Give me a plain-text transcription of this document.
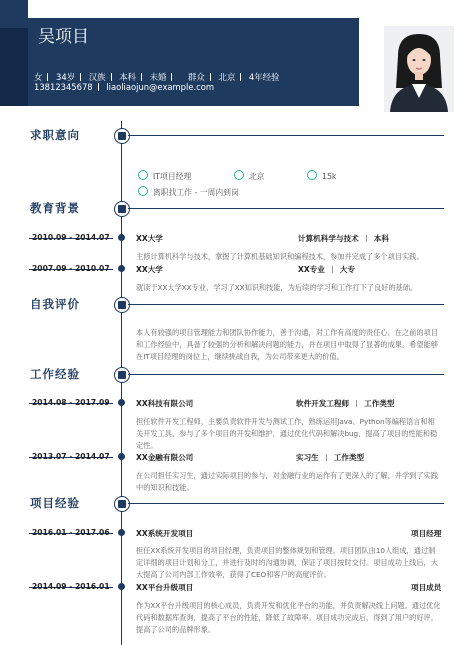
吴项目
女 34岁 汉族 本科 未婚	群众 北京 4年经验
13812345678 liaoliaojun@example.com
求职意向
IT项目经理	北京	15k
离职找工作 - 一周内到岗
教育背景
2010.09 - 2014.07	XX大学	计算机科学与技术 本科
主修计算机科学与技术，掌握了计算机基础知识和编程技术，参加并完成了多个项目实践。
2007.09 - 2010.07	XX大学	XX专业 大专
就读于XX大学XX专业，学习了XX知识和技能，为后续的学习和工作打下了良好的基础。
自我评价
本人有较强的项目管理能力和团队协作能力，善于沟通，对工作有高度的责任心。在之前的项目和工作经验中，具备了较强的分析和解决问题的能力，并在项目中取得了显著的成果。希望能够在IT项目经理的岗位上，继续挑战自我，为公司带来更大的价值。
工作经验
2014.08 - 2017.09	XX科技有限公司	软件开发工程师 工作类型
担任软件开发工程师，主要负责软件开发与测试工作，熟练运用Java、Python等编程语言和相关开发工具，参与了多个项目的开发和维护，通过优化代码和解决bug，提高了项目的性能和稳定性。
2013.07 - 2014.07	XX金融有限公司	实习生 工作类型
在公司担任实习生，通过实际项目的参与，对金融行业的运作有了更深入的了解，并学到了实践中的知识和技能。
项目经验
2016.01 - 2017.06	XX系统开发项目	项目经理
担任XX系统开发项目的项目经理，负责项目的整体规划和管理。项目团队由10人组成，通过制定详细的项目计划和分工，并进行及时的沟通协调，保证了项目按时交付。项目成功上线后，大大提高了公司内部工作效率，获得了CEO和客户的高度评价。
2014.09 - 2016.01	XX平台升级项目	项目成员
作为XX平台升级项目的核心成员，负责开发和优化平台的功能，并负责解决线上问题。通过优化代码和数据库查询，提高了平台的性能，降低了故障率。项目成功完成后，得到了用户的好评，提高了公司的品牌形象。
